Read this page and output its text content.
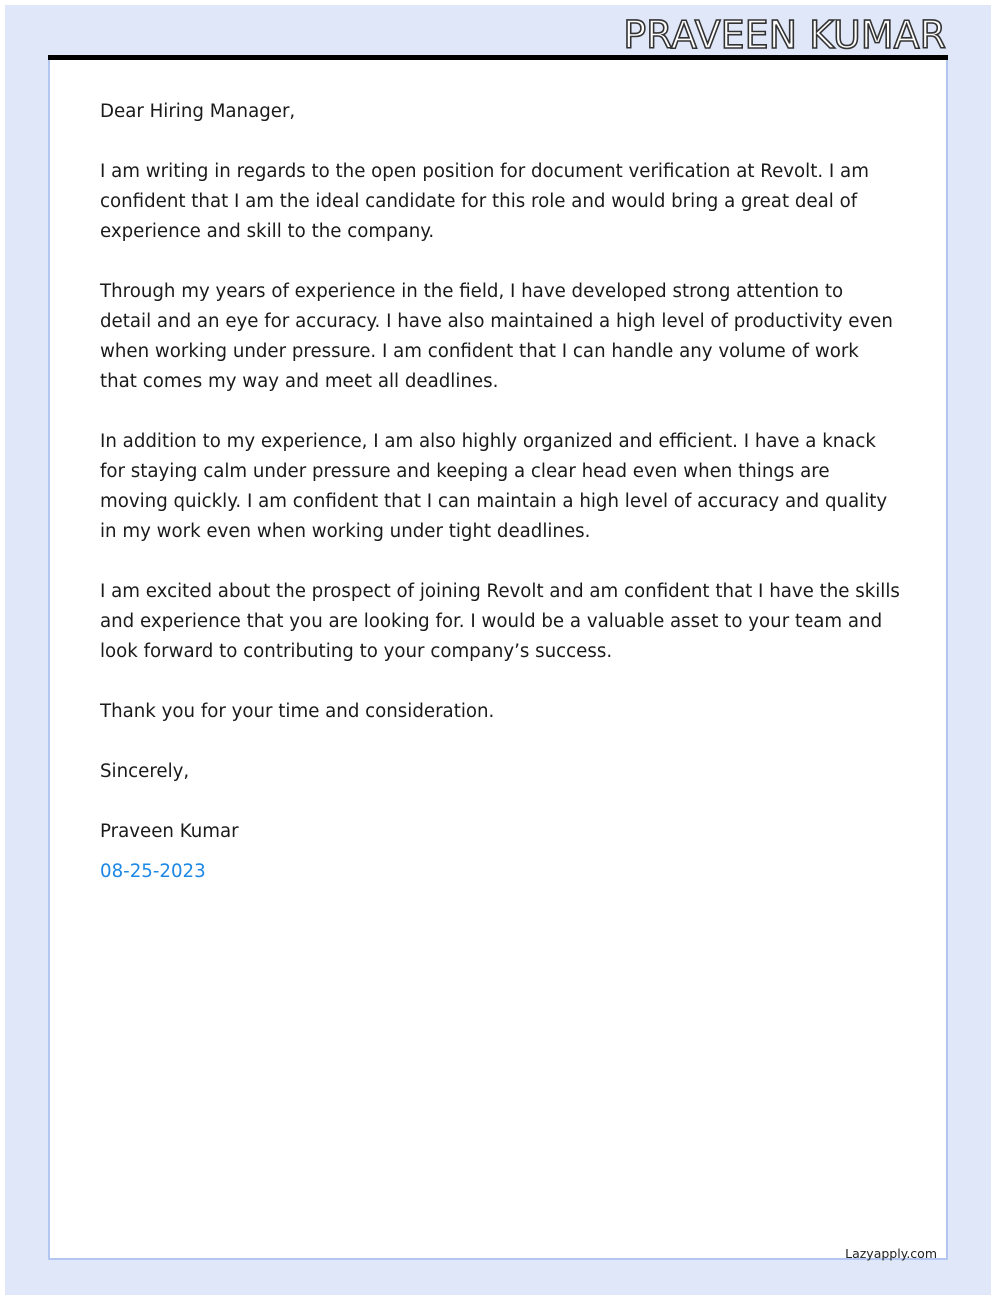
PRAVEEN KUMAR

Dear Hiring Manager,

I am writing in regards to the open position for document verification at Revolt. I am confident that I am the ideal candidate for this role and would bring a great deal of experience and skill to the company.

Through my years of experience in the field, I have developed strong attention to detail and an eye for accuracy. I have also maintained a high level of productivity even when working under pressure. I am confident that I can handle any volume of work that comes my way and meet all deadlines.

In addition to my experience, I am also highly organized and efficient. I have a knack for staying calm under pressure and keeping a clear head even when things are moving quickly. I am confident that I can maintain a high level of accuracy and quality in my work even when working under tight deadlines.

I am excited about the prospect of joining Revolt and am confident that I have the skills and experience that you are looking for. I would be a valuable asset to your team and look forward to contributing to your company’s success.

Thank you for your time and consideration.

Sincerely,

Praveen Kumar

08-25-2023

Lazyapply.com
